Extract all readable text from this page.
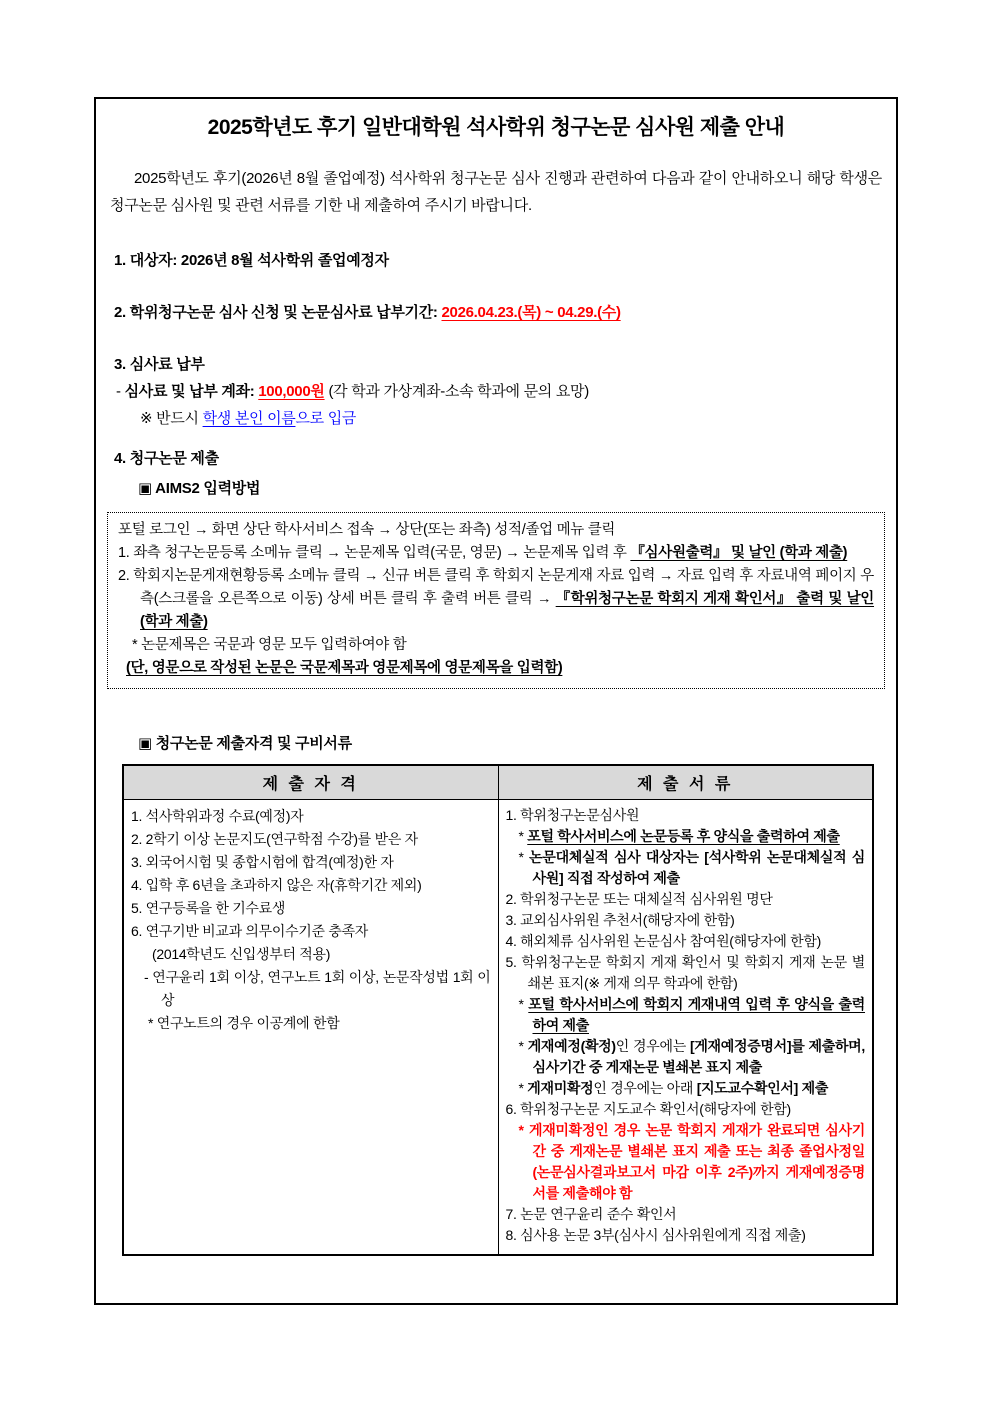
2025학년도 후기 일반대학원 석사학위 청구논문 심사원 제출 안내
2025학년도 후기(2026년 8월 졸업예정) 석사학위 청구논문 심사 진행과 관련하여 다음과 같이 안내하오니 해당 학생은 청구논문 심사원 및 관련 서류를 기한 내 제출하여 주시기 바랍니다.
1. 대상자: 2026년 8월 석사학위 졸업예정자
2. 학위청구논문 심사 신청 및 논문심사료 납부기간: 2026.04.23.(목) ~ 04.29.(수)
3. 심사료 납부
- 심사료 및 납부 계좌: 100,000원 (각 학과 가상계좌-소속 학과에 문의 요망)
※ 반드시 학생 본인 이름으로 입금
4. 청구논문 제출
▣ AIMS2 입력방법
포털 로그인 → 화면 상단 학사서비스 접속 → 상단(또는 좌측) 성적/졸업 메뉴 클릭
1. 좌측 청구논문등록 소메뉴 클릭 → 논문제목 입력(국문, 영문) → 논문제목 입력 후 『심사원출력』 및 날인 (학과 제출)
2. 학회지논문게재현황등록 소메뉴 클릭 → 신규 버튼 클릭 후 학회지 논문게재 자료 입력 → 자료 입력 후 자료내역 페이지 우측(스크롤을 오른쪽으로 이동) 상세 버튼 클릭 후 출력 버튼 클릭 → 『학위청구논문 학회지 게재 확인서』 출력 및 날인(학과 제출)
* 논문제목은 국문과 영문 모두 입력하여야 함
(단, 영문으로 작성된 논문은 국문제목과 영문제목에 영문제목을 입력함)
▣ 청구논문 제출자격 및 구비서류
제 출 자 격	제 출 서 류

1. 석사학위과정 수료(예정)자
2. 2학기 이상 논문지도(연구학점 수강)를 받은 자
3. 외국어시험 및 종합시험에 합격(예정)한 자
4. 입학 후 6년을 초과하지 않은 자(휴학기간 제외)
5. 연구등록을 한 기수료생
6. 연구기반 비교과 의무이수기준 충족자
(2014학년도 신입생부터 적용)
- 연구윤리 1회 이상, 연구노트 1회 이상, 논문작성법 1회 이상
* 연구노트의 경우 이공계에 한함

1. 학위청구논문심사원
* 포털 학사서비스에 논문등록 후 양식을 출력하여 제출
* 논문대체실적 심사 대상자는 [석사학위 논문대체실적 심사원] 직접 작성하여 제출
2. 학위청구논문 또는 대체실적 심사위원 명단
3. 교외심사위원 추천서(해당자에 한함)
4. 해외체류 심사위원 논문심사 참여원(해당자에 한함)
5. 학위청구논문 학회지 게재 확인서 및 학회지 게재 논문 별쇄본 표지(※ 게재 의무 학과에 한함)
* 포털 학사서비스에 학회지 게재내역 입력 후 양식을 출력하여 제출
* 게재예정(확정)인 경우에는 [게재예정증명서]를 제출하며, 심사기간 중 게재논문 별쇄본 표지 제출
* 게재미확정인 경우에는 아래 [지도교수확인서] 제출
6. 학위청구논문 지도교수 확인서(해당자에 한함)
* 게재미확정인 경우 논문 학회지 게재가 완료되면 심사기간 중 게재논문 별쇄본 표지 제출 또는 최종 졸업사정일(논문심사결과보고서 마감 이후 2주)까지 게재예정증명서를 제출해야 함
7. 논문 연구윤리 준수 확인서
8. 심사용 논문 3부(심사시 심사위원에게 직접 제출)
